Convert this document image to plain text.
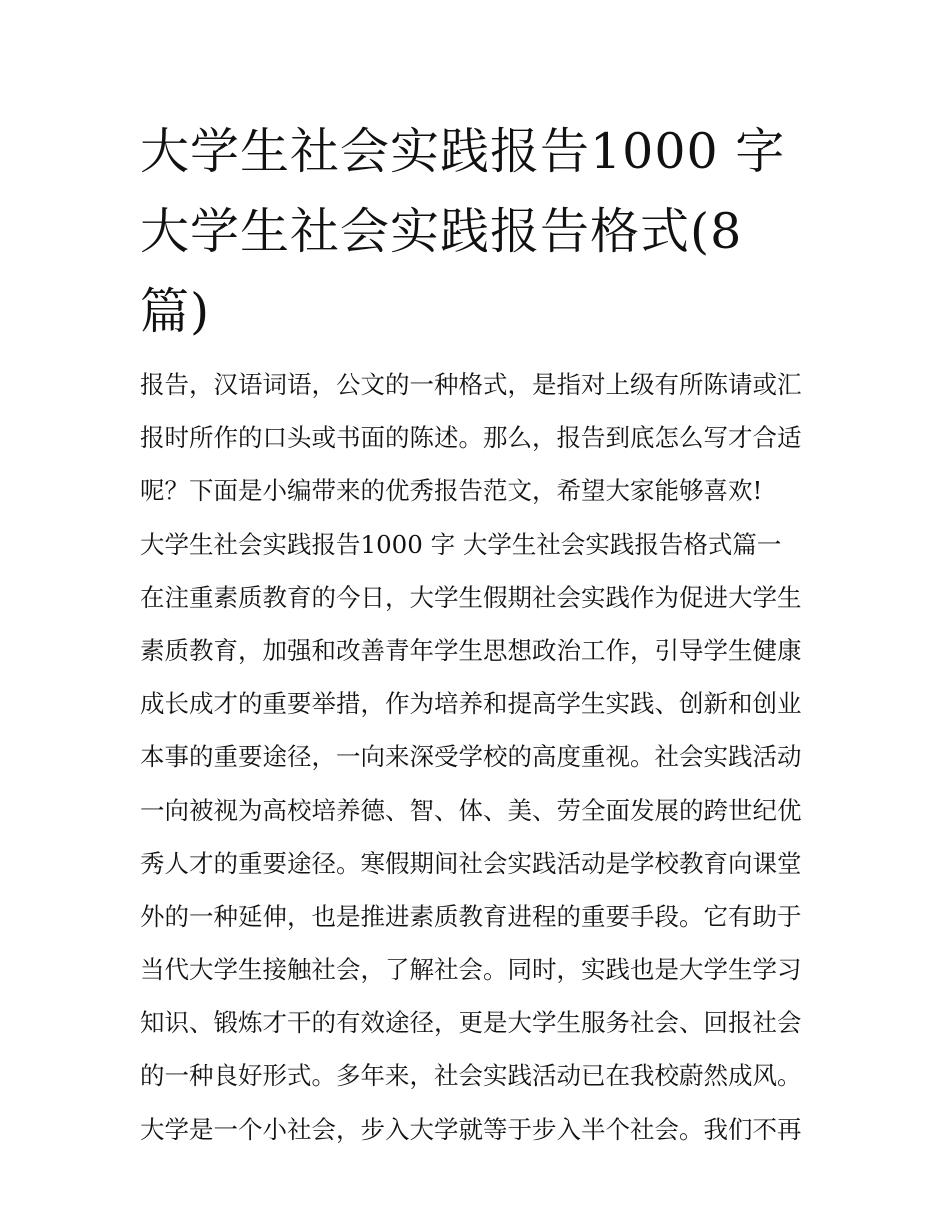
大学生社会实践报告1000 字
大学生社会实践报告格式(8
篇)
报告，汉语词语，公文的一种格式，是指对上级有所陈请或汇
报时所作的口头或书面的陈述。那么，报告到底怎么写才合适
呢？下面是小编带来的优秀报告范文，希望大家能够喜欢!
大学生社会实践报告1000 字 大学生社会实践报告格式篇一
在注重素质教育的今日，大学生假期社会实践作为促进大学生
素质教育，加强和改善青年学生思想政治工作，引导学生健康
成长成才的重要举措，作为培养和提高学生实践、创新和创业
本事的重要途径，一向来深受学校的高度重视。社会实践活动
一向被视为高校培养德、智、体、美、劳全面发展的跨世纪优
秀人才的重要途径。寒假期间社会实践活动是学校教育向课堂
外的一种延伸，也是推进素质教育进程的重要手段。它有助于
当代大学生接触社会，了解社会。同时，实践也是大学生学习
知识、锻炼才干的有效途径，更是大学生服务社会、回报社会
的一种良好形式。多年来，社会实践活动已在我校蔚然成风。
大学是一个小社会，步入大学就等于步入半个社会。我们不再
